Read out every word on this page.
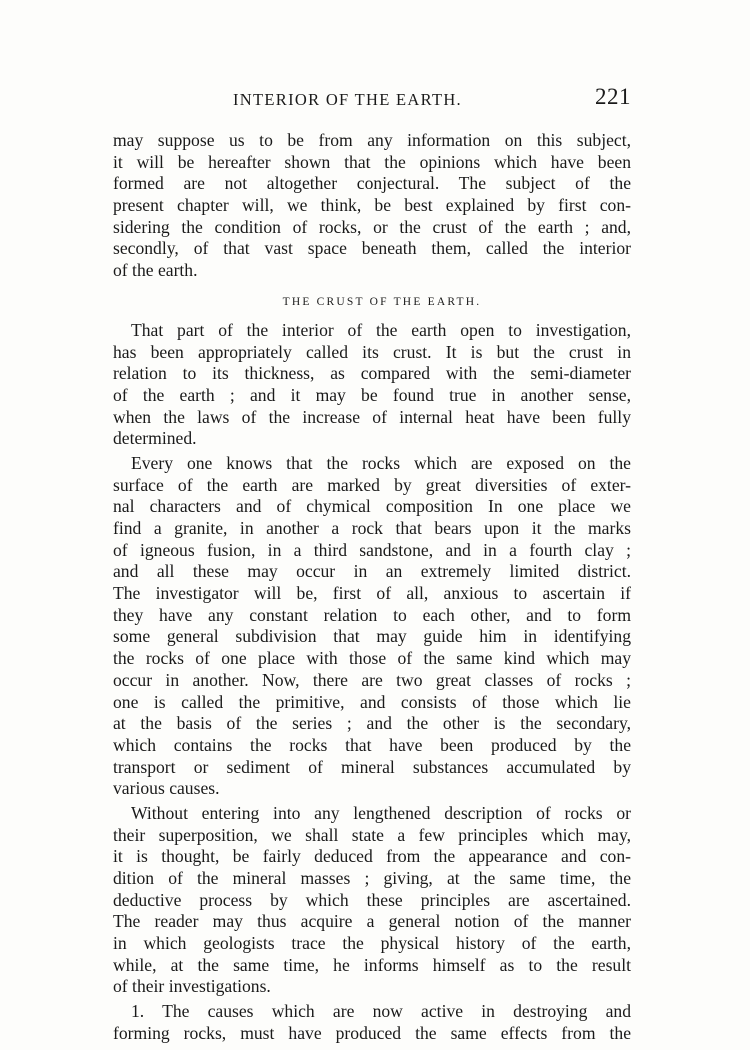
INTERIOR OF THE EARTH.	221
may suppose us to be from any information on this subject,
it will be hereafter shown that the opinions which have been
formed are not altogether conjectural. The subject of the
present chapter will, we think, be best explained by first con-
sidering the condition of rocks, or the crust of the earth ; and,
secondly, of that vast space beneath them, called the interior
of the earth.
THE CRUST OF THE EARTH.
That part of the interior of the earth open to investigation,
has been appropriately called its crust. It is but the crust in
relation to its thickness, as compared with the semi-diameter
of the earth ; and it may be found true in another sense,
when the laws of the increase of internal heat have been fully
determined.
Every one knows that the rocks which are exposed on the
surface of the earth are marked by great diversities of exter-
nal characters and of chymical composition In one place we
find a granite, in another a rock that bears upon it the marks
of igneous fusion, in a third sandstone, and in a fourth clay ;
and all these may occur in an extremely limited district.
The investigator will be, first of all, anxious to ascertain if
they have any constant relation to each other, and to form
some general subdivision that may guide him in identifying
the rocks of one place with those of the same kind which may
occur in another. Now, there are two great classes of rocks ;
one is called the primitive, and consists of those which lie
at the basis of the series ; and the other is the secondary,
which contains the rocks that have been produced by the
transport or sediment of mineral substances accumulated by
various causes.
Without entering into any lengthened description of rocks or
their superposition, we shall state a few principles which may,
it is thought, be fairly deduced from the appearance and con-
dition of the mineral masses ; giving, at the same time, the
deductive process by which these principles are ascertained.
The reader may thus acquire a general notion of the manner
in which geologists trace the physical history of the earth,
while, at the same time, he informs himself as to the result
of their investigations.
1. The causes which are now active in destroying and
forming rocks, must have produced the same effects from the
